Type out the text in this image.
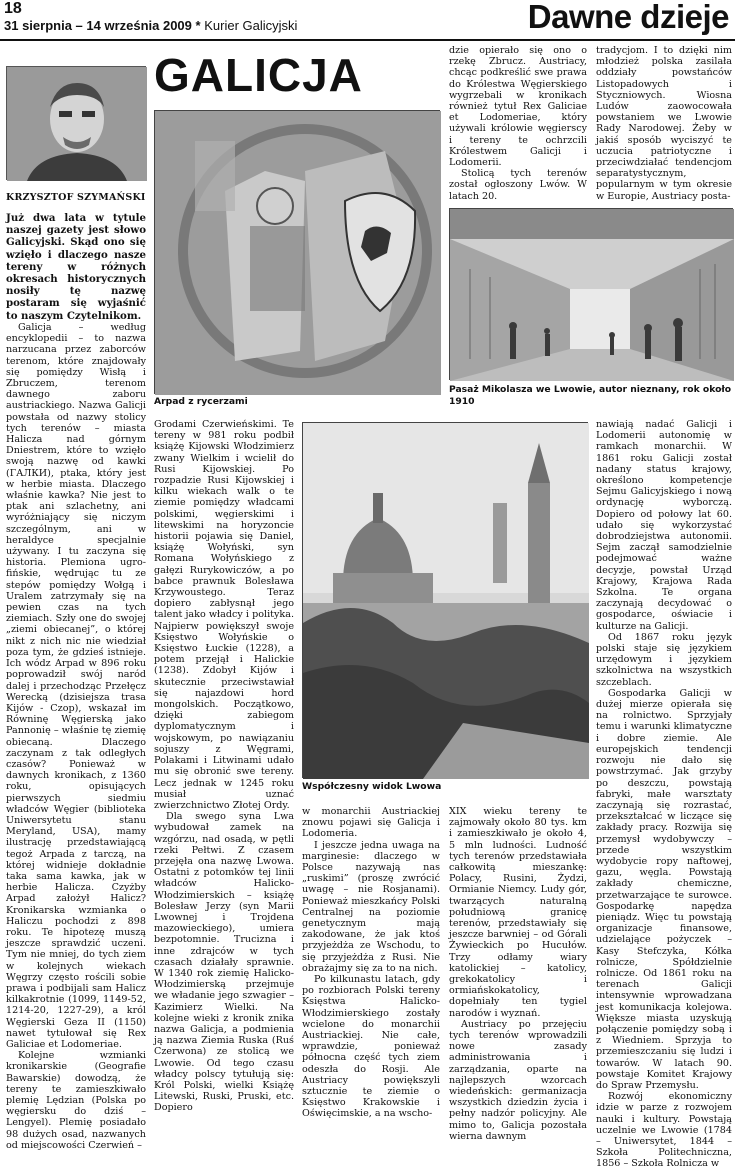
18
31 sierpnia – 14 września 2009 * Kurier Galicyjski	Dawne dzieje
KRZYSZTOF SZYMAŃSKI
Już dwa lata w tytule naszej gazety jest słowo Galicyjski. Skąd ono się wzięło i dlaczego nasze tereny w różnych okresach historycznych nosiły tę nazwę postaram się wyjaśnić to naszym Czytelnikom.

Galicja – według encyklopedii – to nazwa narzucana przez zaborców terenom, które znajdowały się pomiędzy Wisłą i Zbruczem, terenom dawnego zaboru austriackiego. Nazwa Galicji powstała od nazwy stolicy tych terenów – miasta Halicza nad górnym Dniestrem, które to wzięło swoją nazwę od kawki (ГАЛКИ), ptaka, który jest w herbie miasta. Dlaczego właśnie kawka? Nie jest to ptak ani szlachetny, ani wyróżniający się niczym szczególnym, ani w heraldyce specjalnie używany. I tu zaczyna się historia. Plemiona ugro-fińskie, wędrując tu ze stepów pomiędzy Wołgą i Uralem zatrzymały się na pewien czas na tych ziemiach. Szły one do swojej „ziemi obiecanej”, o której nikt z nich nic nie wiedział poza tym, że gdzieś istnieje. Ich wódz Arpad w 896 roku poprowadził swój naród dalej i przechodząc Przełęcz Werecką (dzisiejsza trasa Kijów - Czop), wskazał im Równinę Węgierską jako Pannonię – właśnie tę ziemię obiecaną. Dlaczego zaczynam z tak odległych czasów? Ponieważ w dawnych kronikach, z 1360 roku, opisujących pierwszych siedmiu władców Węgier (biblioteka Uniwersytetu stanu Meryland, USA), mamy ilustrację przedstawiającą tegoż Arpada z tarczą, na której widnieje dokładnie taka sama kawka, jak w herbie Halicza. Czyżby Arpad założył Halicz? Kronikarska wzmianka o Haliczu pochodzi z 898 roku. Te hipotezę muszą jeszcze sprawdzić uczeni. Tym nie mniej, do tych ziem w kolejnych wiekach Węgrzy często rościli sobie prawa i podbijali sam Halicz kilkakrotnie (1099, 1149-52, 1214-20, 1227-29), a król Węgierski Geza II (1150) nawet tytułował się Rex Galiciae et Lodomeriae.

Kolejne wzmianki kronikarskie (Geografie Bawarskie) dowodzą, że tereny te zamieszkiwało plemię Lędzian (Polska po węgiersku do dziś – Lengyel). Plemię posiadało 98 dużych osad, nazwanych od miejscowości Czerwień –

GALICJA
Arpad z rycerzami

Grodami Czerwieńskimi. Te tereny w 981 roku podbił książę Kijowski Włodzimierz zwany Wielkim i wcielił do Rusi Kijowskiej. Po rozpadzie Rusi Kijowskiej i kilku wiekach walk o te ziemie pomiędzy władcami polskimi, węgierskimi i litewskimi na horyzoncie historii pojawia się Daniel, książę Wołyński, syn Romana Wołyńskiego z gałęzi Rurykowiczów, a po babce prawnuk Bolesława Krzywoustego. Teraz dopiero zabłysnął jego talent jako władcy i polityka. Najpierw powiększył swoje Księstwo Wołyńskie o Księstwo Łuckie (1228), a potem przejął i Halickie (1238). Zdobył Kijów i skutecznie przeciwstawiał się najazdowi hord mongolskich. Początkowo, dzięki zabiegom dyplomatycznym i wojskowym, po nawiązaniu sojuszy z Węgrami, Polakami i Litwinami udało mu się obronić swe tereny. Lecz jednak w 1245 roku musiał uznać zwierzchnictwo Złotej Ordy.

Dla swego syna Lwa wybudował zamek na wzgórzu, nad osadą, w pętli rzeki Pełtwi. Z czasem przejęła ona nazwę Lwowa. Ostatni z potomków tej linii władców Halicko-Włodzimierskich – książę Bolesław Jerzy (syn Marii Lwownej i Trojdena mazowieckiego), umiera bezpotomnie. Trucizna i inne zdrajców w tych czasach działały sprawnie. W 1340 rok ziemię Halicko-Włodzimierską przejmuje we władanie jego szwagier – Kazimierz Wielki. Na kolejne wieki z kronik znika nazwa Galicja, a podmienia ją nazwa Ziemia Ruska (Ruś Czerwona) ze stolicą we Lwowie. Od tego czasu władcy polscy tytułują się: Król Polski, wielki Książę Litewski, Ruski, Pruski, etc. Dopiero

dzie opierało się ono o rzekę Zbrucz. Austriacy, chcąc podkreślić swe prawa do Królestwa Węgierskiego wygrzebali w kronikach również tytuł Rex Galiciae et Lodomeriae, który używali królowie węgierscy i tereny te ochrzcili Królestwem Galicji i Lodomerii.

Stolicą tych terenów został ogłoszony Lwów. W latach 20.

tradycjom. I to dzięki nim młodzież polska zasilała oddziały powstańców Listopadowych i Styczniowych. Wiosna Ludów zaowocowała powstaniem we Lwowie Rady Narodowej. Żeby w jakiś sposób wyciszyć te uczucia patriotyczne i przeciwdziałać tendencjom separatystycznym, popularnym w tym okresie w Europie, Austriacy posta-

Pasaż Mikolasza we Lwowie, autor nieznany, rok około 1910

nawiają nadać Galicji i Lodomerii autonomię w ramkach monarchii. W 1861 roku Galicji został nadany status krajowy, określono kompetencje Sejmu Galicyjskiego i nową ordynację wyborczą. Dopiero od połowy lat 60. udało się wykorzystać dobrodziejstwa autonomii. Sejm zaczął samodzielnie podejmować ważne decyzje, powstał Urząd Krajowy, Krajowa Rada Szkolna. Te organa zaczynają decydować o gospodarce, oświacie i kulturze na Galicji.

Od 1867 roku język polski staje się językiem urzędowym i językiem szkolnictwa na wszystkich szczeblach.

Gospodarka Galicji w dużej mierze opierała się na rolnictwo. Sprzyjały temu i warunki klimatyczne i dobre ziemie. Ale europejskich tendencji rozwoju nie dało się powstrzymać. Jak grzyby po deszczu, powstają fabryki, małe warsztaty zaczynają się rozrastać, przekształcać w liczące się zakłady pracy. Rozwija się przemysł wydobywczy – przede wszystkim wydobycie ropy naftowej, gazu, węgla. Powstają zakłady chemiczne, przetwarzające te surowce. Gospodarkę napędza pieniądz. Więc tu powstają organizacje finansowe, udzielające pożyczek – Kasy Stefczyka, Kółka rolnicze, Spółdzielnie rolnicze. Od 1861 roku na terenach Galicji intensywnie wprowadzana jest komunikacja kolejowa. Większe miasta uzyskują połączenie pomiędzy sobą i z Wiedniem. Sprzyja to przemieszczaniu się ludzi i towarów. W latach 90. powstaje Komitet Krajowy do Spraw Przemysłu.

Rozwój ekonomiczny idzie w parze z rozwojem nauki i kultury. Powstają uczelnie we Lwowie (1784 – Uniwersytet, 1844 – Szkoła Politechniczna, 1856 – Szkoła Rolnicza w

Współczesny widok Lwowa

w monarchii Austriackiej znowu pojawi się Galicja i Lodomeria.

I jeszcze jedna uwaga na marginesie: dlaczego w Polsce nazywają nas „ruskimi” (proszę zwrócić uwagę – nie Rosjanami). Ponieważ mieszkańcy Polski Centralnej na poziomie genetycznym mają zakodowane, że jak ktoś przyjeżdża ze Wschodu, to się przyjeżdża z Rusi. Nie obrażajmy się za to na nich.

Po kilkunastu latach, gdy po rozbiorach Polski tereny Księstwa Halicko-Włodzimierskiego zostały wcielone do monarchii Austriackiej. Nie całe, wprawdzie, ponieważ północna część tych ziem odeszła do Rosji. Ale Austriacy powiększyli sztucznie te ziemie o Księstwo Krakowskie i Oświęcimskie, a na wscho-

XIX wieku tereny te zajmowały około 80 tys. km i zamieszkiwało je około 4, 5 mln ludności. Ludność tych terenów przedstawiała całkowitą mieszankę: Polacy, Rusini, Żydzi, Ormianie Niemcy. Ludy gór, twarzących naturalną południową granicę terenów, przedstawiały się jeszcze barwniej – od Górali Żywieckich po Hucułów. Trzy odłamy wiary katolickiej – katolicy, grekokatolicy i ormiańskokatolicy, dopełniały ten tygiel narodów i wyznań.

Austriacy po przejęciu tych terenów wprowadzili nowe zasady administrowania i zarządzania, oparte na najlepszych wzorcach wiedeńskich: germanizacja wszystkich dziedzin życia i pełny nadzór policyjny. Ale mimo to, Galicja pozostała wierna dawnym
